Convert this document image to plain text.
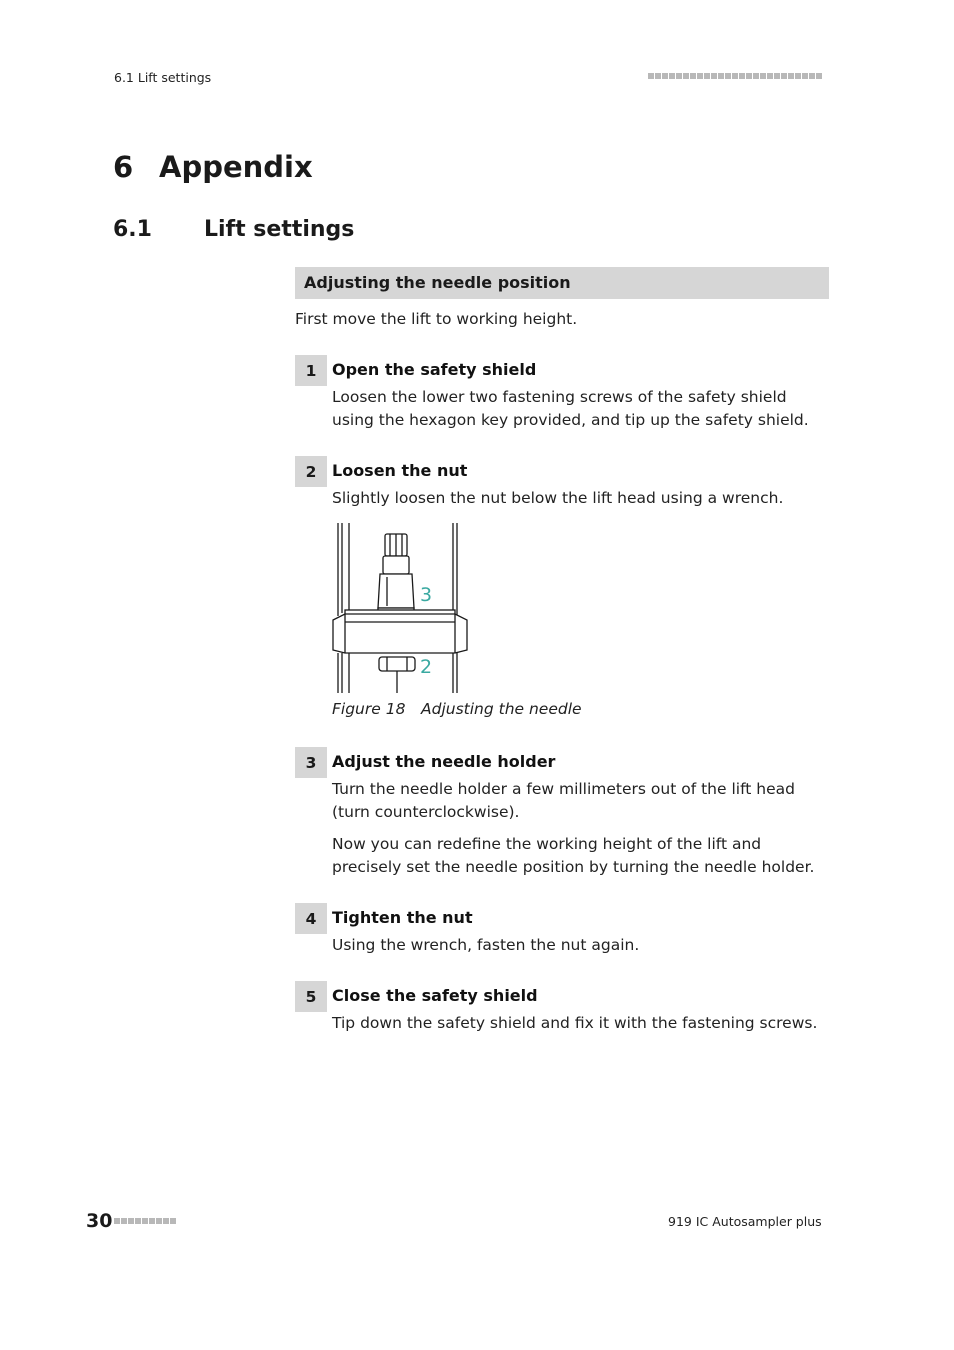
6.1 Lift settings
6 Appendix
6.1 Lift settings
Adjusting the needle position
First move the lift to working height.
1 Open the safety shield
Loosen the lower two fastening screws of the safety shield using the hexagon key provided, and tip up the safety shield.
2 Loosen the nut
Slightly loosen the nut below the lift head using a wrench.
3
2
Figure 18 Adjusting the needle
3 Adjust the needle holder
Turn the needle holder a few millimeters out of the lift head (turn counterclockwise).
Now you can redefine the working height of the lift and precisely set the needle position by turning the needle holder.
4 Tighten the nut
Using the wrench, fasten the nut again.
5 Close the safety shield
Tip down the safety shield and fix it with the fastening screws.
30	919 IC Autosampler plus
